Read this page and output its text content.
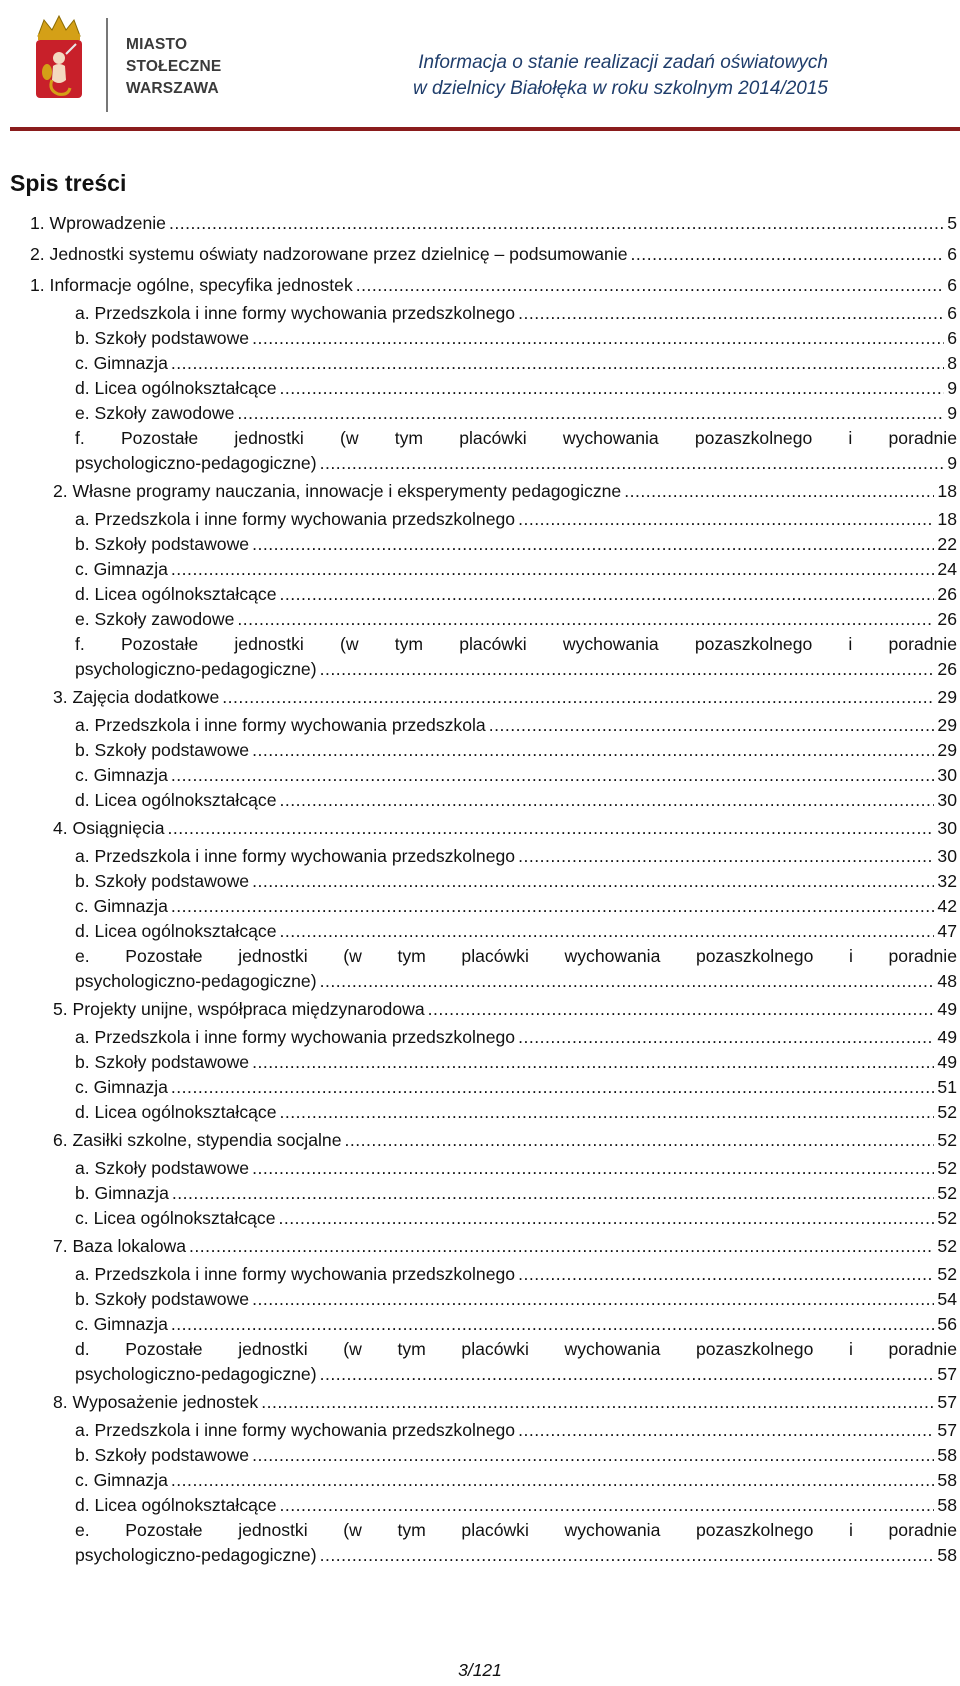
MIASTO
STOŁECZNE
WARSZAWA
Informacja o stanie realizacji zadań oświatowych
w dzielnicy Białołęka w roku szkolnym 2014/2015
Spis treści
1. Wprowadzenie .....	5
2. Jednostki systemu oświaty nadzorowane przez dzielnicę – podsumowanie .....	6
1. Informacje ogólne, specyfika jednostek .....	6
a. Przedszkola i inne formy wychowania przedszkolnego .....	6
b. Szkoły podstawowe .....	6
c. Gimnazja .....	8
d. Licea ogólnokształcące .....	9
e. Szkoły zawodowe .....	9
f. Pozostałe jednostki (w tym placówki wychowania pozaszkolnego i poradnie
psychologiczno-pedagogiczne) .....	9
2. Własne programy nauczania, innowacje i eksperymenty pedagogiczne .....	18
a. Przedszkola i inne formy wychowania przedszkolnego .....	18
b. Szkoły podstawowe .....	22
c. Gimnazja .....	24
d. Licea ogólnokształcące .....	26
e. Szkoły zawodowe .....	26
f. Pozostałe jednostki (w tym placówki wychowania pozaszkolnego i poradnie
psychologiczno-pedagogiczne) .....	26
3. Zajęcia dodatkowe .....	29
a. Przedszkola i inne formy wychowania przedszkola .....	29
b. Szkoły podstawowe .....	29
c. Gimnazja .....	30
d. Licea ogólnokształcące .....	30
4. Osiągnięcia .....	30
a. Przedszkola i inne formy wychowania przedszkolnego .....	30
b. Szkoły podstawowe .....	32
c. Gimnazja .....	42
d. Licea ogólnokształcące .....	47
e. Pozostałe jednostki (w tym placówki wychowania pozaszkolnego i poradnie
psychologiczno-pedagogiczne) .....	48
5. Projekty unijne, współpraca międzynarodowa .....	49
a. Przedszkola i inne formy wychowania przedszkolnego .....	49
b. Szkoły podstawowe .....	49
c. Gimnazja .....	51
d. Licea ogólnokształcące .....	52
6. Zasiłki szkolne, stypendia socjalne .....	52
a. Szkoły podstawowe .....	52
b. Gimnazja .....	52
c. Licea ogólnokształcące .....	52
7. Baza lokalowa .....	52
a. Przedszkola i inne formy wychowania przedszkolnego .....	52
b. Szkoły podstawowe .....	54
c. Gimnazja .....	56
d. Pozostałe jednostki (w tym placówki wychowania pozaszkolnego i poradnie
psychologiczno-pedagogiczne) .....	57
8. Wyposażenie jednostek .....	57
a. Przedszkola i inne formy wychowania przedszkolnego .....	57
b. Szkoły podstawowe .....	58
c. Gimnazja .....	58
d. Licea ogólnokształcące .....	58
e. Pozostałe jednostki (w tym placówki wychowania pozaszkolnego i poradnie
psychologiczno-pedagogiczne) .....	58
3/121
